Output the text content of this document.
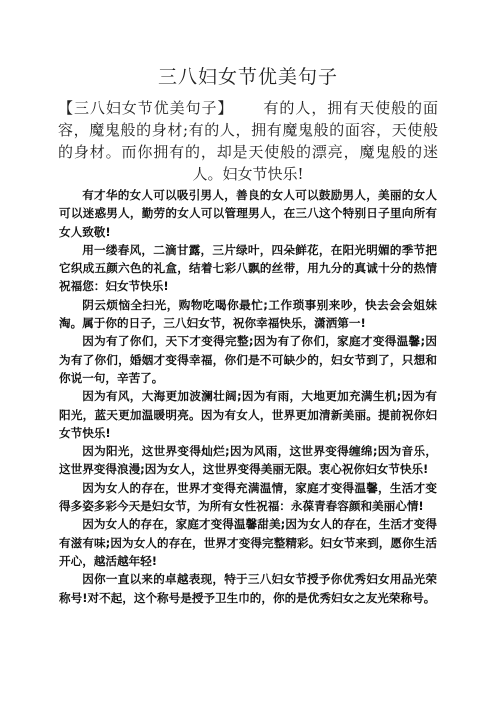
三八妇女节优美句子
【三八妇女节优美句子】 有的人，拥有天使般的面容，魔鬼般的身材;有的人，拥有魔鬼般的面容，天使般的身材。而你拥有的，却是天使般的漂亮，魔鬼般的迷人。妇女节快乐!

有才华的女人可以吸引男人，善良的女人可以鼓励男人，美丽的女人可以迷惑男人，勤劳的女人可以管理男人，在三八这个特别日子里向所有女人致敬!

用一缕春风，二滴甘露，三片绿叶，四朵鲜花，在阳光明媚的季节把它织成五颜六色的礼盒，结着七彩八飘的丝带，用九分的真诚十分的热情祝福您：妇女节快乐!

阴云烦恼全扫光，购物吃喝你最忙;工作琐事别来吵，快去会会姐妹淘。属于你的日子，三八妇女节，祝你幸福快乐，潇洒第一!

因为有了你们，天下才变得完整;因为有了你们，家庭才变得温馨;因为有了你们，婚姻才变得幸福，你们是不可缺少的，妇女节到了，只想和你说一句，辛苦了。

因为有风，大海更加波澜壮阔;因为有雨，大地更加充满生机;因为有阳光，蓝天更加温暖明亮。因为有女人，世界更加清新美丽。提前祝你妇女节快乐!

因为阳光，这世界变得灿烂;因为风雨，这世界变得缠绵;因为音乐，这世界变得浪漫;因为女人，这世界变得美丽无限。衷心祝你妇女节快乐!

因为女人的存在，世界才变得充满温情，家庭才变得温馨，生活才变得多姿多彩今天是妇女节，为所有女性祝福：永葆青春容颜和美丽心情!

因为女人的存在，家庭才变得温馨甜美;因为女人的存在，生活才变得有滋有味;因为女人的存在，世界才变得完整精彩。妇女节来到，愿你生活开心，越活越年轻!

因你一直以来的卓越表现，特于三八妇女节授予你优秀妇女用品光荣称号!对不起，这个称号是授予卫生巾的，你的是优秀妇女之友光荣称号。
